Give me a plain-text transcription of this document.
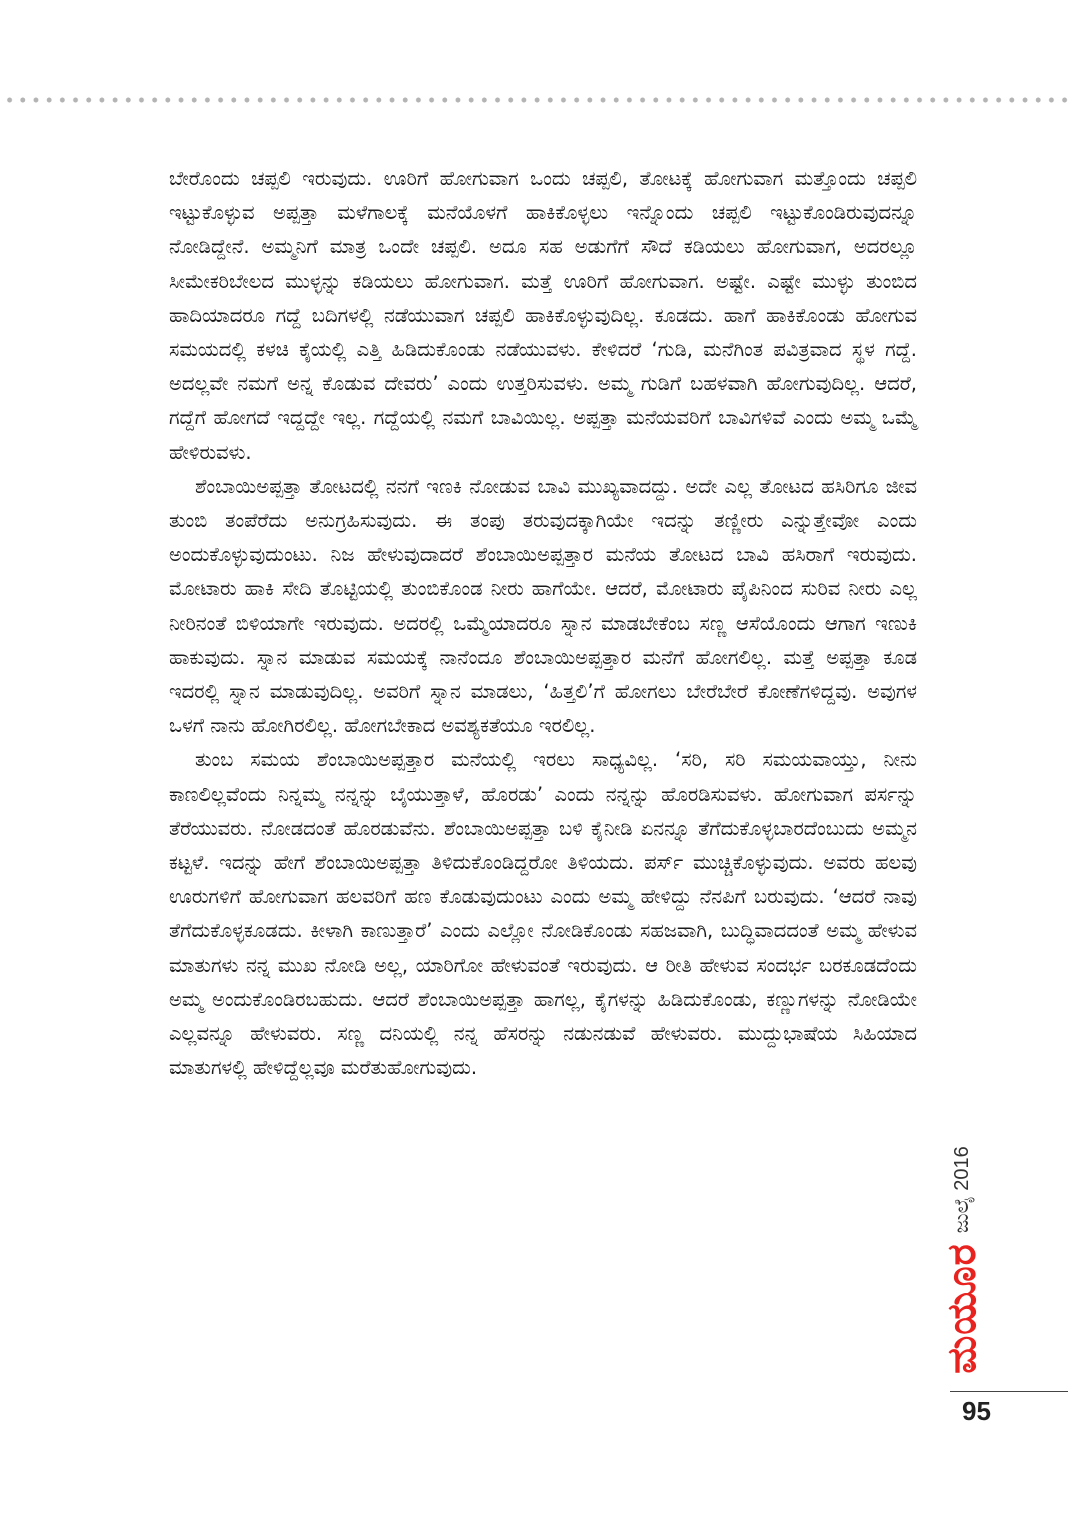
ಬೇರೊಂದು ಚಪ್ಪಲಿ ಇರುವುದು. ಊರಿಗೆ ಹೋಗುವಾಗ ಒಂದು ಚಪ್ಪಲಿ, ತೋಟಕ್ಕೆ ಹೋಗುವಾಗ ಮತ್ತೊಂದು ಚಪ್ಪಲಿ ಇಟ್ಟುಕೊಳ್ಳುವ ಅಪ್ಪತ್ತಾ ಮಳೆಗಾಲಕ್ಕೆ ಮನೆಯೊಳಗೆ ಹಾಕಿಕೊಳ್ಳಲು ಇನ್ನೊಂದು ಚಪ್ಪಲಿ ಇಟ್ಟುಕೊಂಡಿರುವುದನ್ನೂ ನೋಡಿದ್ದೇನೆ. ಅಮ್ಮನಿಗೆ ಮಾತ್ರ ಒಂದೇ ಚಪ್ಪಲಿ. ಅದೂ ಸಹ ಅಡುಗೆಗೆ ಸೌದೆ ಕಡಿಯಲು ಹೋಗುವಾಗ, ಅದರಲ್ಲೂ ಸೀಮೇಕರಿಬೇಲದ ಮುಳ್ಳನ್ನು ಕಡಿಯಲು ಹೋಗುವಾಗ. ಮತ್ತೆ ಊರಿಗೆ ಹೋಗುವಾಗ. ಅಷ್ಟೇ. ಎಷ್ಟೇ ಮುಳ್ಳು ತುಂಬಿದ ಹಾದಿಯಾದರೂ ಗದ್ದೆ ಬದಿಗಳಲ್ಲಿ ನಡೆಯುವಾಗ ಚಪ್ಪಲಿ ಹಾಕಿಕೊಳ್ಳುವುದಿಲ್ಲ. ಕೂಡದು. ಹಾಗೆ ಹಾಕಿಕೊಂಡು ಹೋಗುವ ಸಮಯದಲ್ಲಿ ಕಳಚಿ ಕೈಯಲ್ಲಿ ಎತ್ತಿ ಹಿಡಿದುಕೊಂಡು ನಡೆಯುವಳು. ಕೇಳಿದರೆ ‘ಗುಡಿ, ಮನೆಗಿಂತ ಪವಿತ್ರವಾದ ಸ್ಥಳ ಗದ್ದೆ. ಅದಲ್ಲವೇ ನಮಗೆ ಅನ್ನ ಕೊಡುವ ದೇವರು’ ಎಂದು ಉತ್ತರಿಸುವಳು. ಅಮ್ಮ ಗುಡಿಗೆ ಬಹಳವಾಗಿ ಹೋಗುವುದಿಲ್ಲ. ಆದರೆ, ಗದ್ದೆಗೆ ಹೋಗದೆ ಇದ್ದದ್ದೇ ಇಲ್ಲ. ಗದ್ದೆಯಲ್ಲಿ ನಮಗೆ ಬಾವಿಯಿಲ್ಲ. ಅಪ್ಪತ್ತಾ ಮನೆಯವರಿಗೆ ಬಾವಿಗಳಿವೆ ಎಂದು ಅಮ್ಮ ಒಮ್ಮೆ ಹೇಳಿರುವಳು.

ಶೆಂಬಾಯಿಅಪ್ಪತ್ತಾ ತೋಟದಲ್ಲಿ ನನಗೆ ಇಣಕಿ ನೋಡುವ ಬಾವಿ ಮುಖ್ಯವಾದದ್ದು. ಅದೇ ಎಲ್ಲ ತೋಟದ ಹಸಿರಿಗೂ ಜೀವ ತುಂಬಿ ತಂಪೆರೆದು ಅನುಗ್ರಹಿಸುವುದು. ಈ ತಂಪು ತರುವುದಕ್ಕಾಗಿಯೇ ಇದನ್ನು ತಣ್ಣೀರು ಎನ್ನುತ್ತೇವೋ ಎಂದು ಅಂದುಕೊಳ್ಳುವುದುಂಟು. ನಿಜ ಹೇಳುವುದಾದರೆ ಶೆಂಬಾಯಿಅಪ್ಪತ್ತಾರ ಮನೆಯ ತೋಟದ ಬಾವಿ ಹಸಿರಾಗೆ ಇರುವುದು. ಮೋಟಾರು ಹಾಕಿ ಸೇದಿ ತೊಟ್ಟಿಯಲ್ಲಿ ತುಂಬಿಕೊಂಡ ನೀರು ಹಾಗೆಯೇ. ಆದರೆ, ಮೋಟಾರು ಪೈಪಿನಿಂದ ಸುರಿವ ನೀರು ಎಲ್ಲ ನೀರಿನಂತೆ ಬಿಳಿಯಾಗೇ ಇರುವುದು. ಅದರಲ್ಲಿ ಒಮ್ಮೆಯಾದರೂ ಸ್ನಾನ ಮಾಡಬೇಕೆಂಬ ಸಣ್ಣ ಆಸೆಯೊಂದು ಆಗಾಗ ಇಣುಕಿ ಹಾಕುವುದು. ಸ್ನಾನ ಮಾಡುವ ಸಮಯಕ್ಕೆ ನಾನೆಂದೂ ಶೆಂಬಾಯಿಅಪ್ಪತ್ತಾರ ಮನೆಗೆ ಹೋಗಲಿಲ್ಲ. ಮತ್ತೆ ಅಪ್ಪತ್ತಾ ಕೂಡ ಇದರಲ್ಲಿ ಸ್ನಾನ ಮಾಡುವುದಿಲ್ಲ. ಅವರಿಗೆ ಸ್ನಾನ ಮಾಡಲು, ‘ಹಿತ್ತಲಿ’ಗೆ ಹೋಗಲು ಬೇರೆಬೇರೆ ಕೋಣೆಗಳಿದ್ದವು. ಅವುಗಳ ಒಳಗೆ ನಾನು ಹೋಗಿರಲಿಲ್ಲ. ಹೋಗಬೇಕಾದ ಅವಶ್ಯಕತೆಯೂ ಇರಲಿಲ್ಲ.

ತುಂಬ ಸಮಯ ಶೆಂಬಾಯಿಅಪ್ಪತ್ತಾರ ಮನೆಯಲ್ಲಿ ಇರಲು ಸಾಧ್ಯವಿಲ್ಲ. ‘ಸರಿ, ಸರಿ ಸಮಯವಾಯ್ತು, ನೀನು ಕಾಣಲಿಲ್ಲವೆಂದು ನಿನ್ನಮ್ಮ ನನ್ನನ್ನು ಬೈಯುತ್ತಾಳೆ, ಹೊರಡು’ ಎಂದು ನನ್ನನ್ನು ಹೊರಡಿಸುವಳು. ಹೋಗುವಾಗ ಪರ್ಸನ್ನು ತೆರೆಯುವರು. ನೋಡದಂತೆ ಹೊರಡುವೆನು. ಶೆಂಬಾಯಿಅಪ್ಪತ್ತಾ ಬಳಿ ಕೈನೀಡಿ ಏನನ್ನೂ ತೆಗೆದುಕೊಳ್ಳಬಾರದೆಂಬುದು ಅಮ್ಮನ ಕಟ್ಟಳೆ. ಇದನ್ನು ಹೇಗೆ ಶೆಂಬಾಯಿಅಪ್ಪತ್ತಾ ತಿಳಿದುಕೊಂಡಿದ್ದರೋ ತಿಳಿಯದು. ಪರ್ಸ್ ಮುಚ್ಚಿಕೊಳ್ಳುವುದು. ಅವರು ಹಲವು ಊರುಗಳಿಗೆ ಹೋಗುವಾಗ ಹಲವರಿಗೆ ಹಣ ಕೊಡುವುದುಂಟು ಎಂದು ಅಮ್ಮ ಹೇಳಿದ್ದು ನೆನಪಿಗೆ ಬರುವುದು. ‘ಆದರೆ ನಾವು ತೆಗೆದುಕೊಳ್ಳಕೂಡದು. ಕೀಳಾಗಿ ಕಾಣುತ್ತಾರೆ’ ಎಂದು ಎಲ್ಲೋ ನೋಡಿಕೊಂಡು ಸಹಜವಾಗಿ, ಬುದ್ಧಿವಾದದಂತೆ ಅಮ್ಮ ಹೇಳುವ ಮಾತುಗಳು ನನ್ನ ಮುಖ ನೋಡಿ ಅಲ್ಲ, ಯಾರಿಗೋ ಹೇಳುವಂತೆ ಇರುವುದು. ಆ ರೀತಿ ಹೇಳುವ ಸಂದರ್ಭ ಬರಕೂಡದೆಂದು ಅಮ್ಮ ಅಂದುಕೊಂಡಿರಬಹುದು. ಆದರೆ ಶೆಂಬಾಯಿಅಪ್ಪತ್ತಾ ಹಾಗಲ್ಲ, ಕೈಗಳನ್ನು ಹಿಡಿದುಕೊಂಡು, ಕಣ್ಣುಗಳನ್ನು ನೋಡಿಯೇ ಎಲ್ಲವನ್ನೂ ಹೇಳುವರು. ಸಣ್ಣ ದನಿಯಲ್ಲಿ ನನ್ನ ಹೆಸರನ್ನು ನಡುನಡುವೆ ಹೇಳುವರು. ಮುದ್ದುಭಾಷೆಯ ಸಿಹಿಯಾದ ಮಾತುಗಳಲ್ಲಿ ಹೇಳಿದ್ದೆಲ್ಲವೂ ಮರೆತುಹೋಗುವುದು.

ಮಯೂರ
ಜುಲೈ 2016
95
